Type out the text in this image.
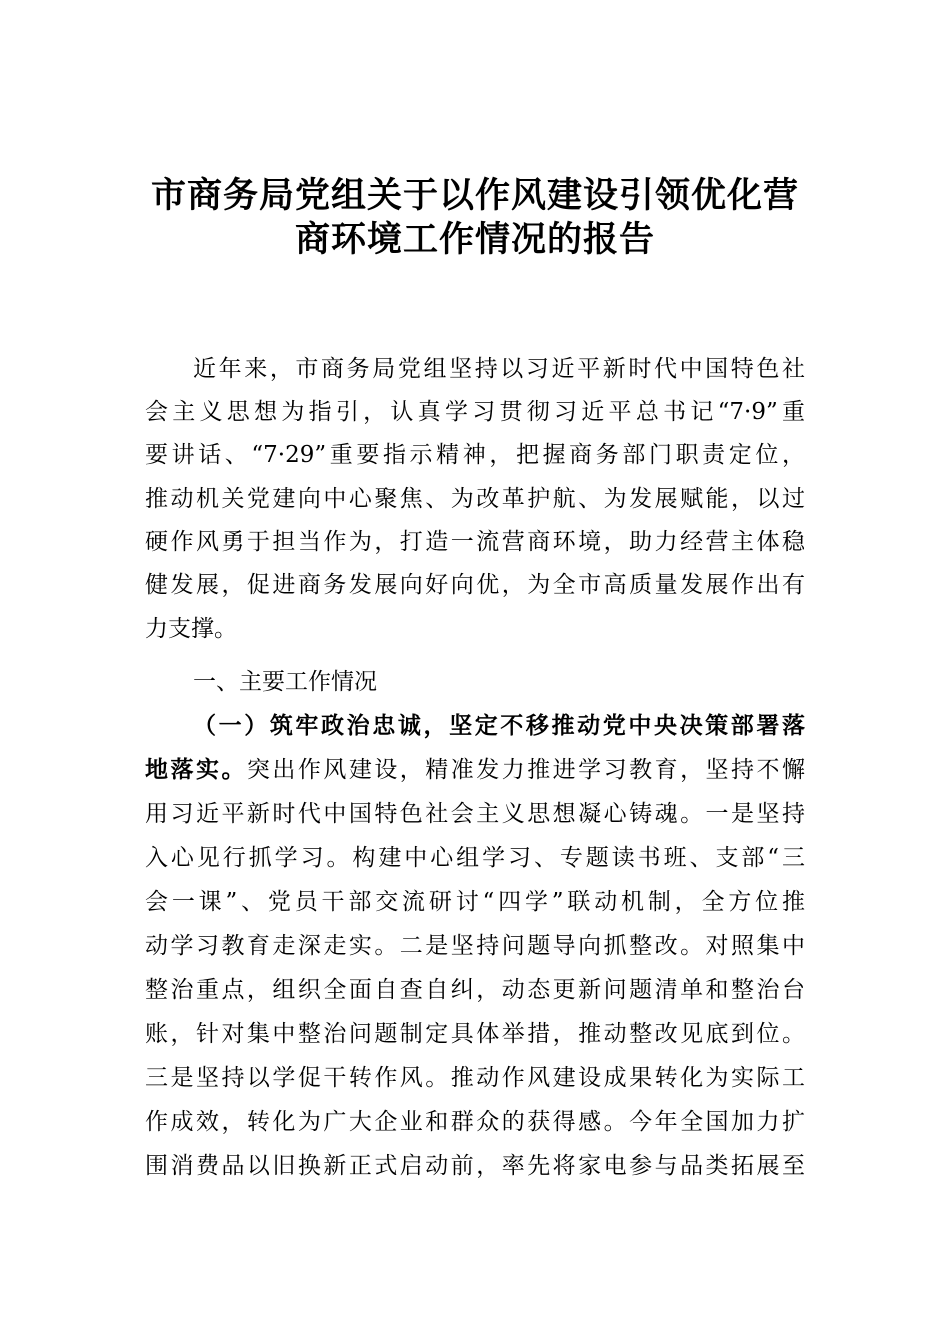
市商务局党组关于以作风建设引领优化营
商环境工作情况的报告

近年来，市商务局党组坚持以习近平新时代中国特色社

会主义思想为指引，认真学习贯彻习近平总书记“7·9”重

要讲话、“7·29”重要指示精神，把握商务部门职责定位，

推动机关党建向中心聚焦、为改革护航、为发展赋能，以过

硬作风勇于担当作为，打造一流营商环境，助力经营主体稳

健发展，促进商务发展向好向优，为全市高质量发展作出有

力支撑。

一、主要工作情况

（一）筑牢政治忠诚，坚定不移推动党中央决策部署落

地落实。突出作风建设，精准发力推进学习教育，坚持不懈

用习近平新时代中国特色社会主义思想凝心铸魂。一是坚持

入心见行抓学习。构建中心组学习、专题读书班、支部“三

会一课”、党员干部交流研讨“四学”联动机制，全方位推

动学习教育走深走实。二是坚持问题导向抓整改。对照集中

整治重点，组织全面自查自纠，动态更新问题清单和整治台

账，针对集中整治问题制定具体举措，推动整改见底到位。

三是坚持以学促干转作风。推动作风建设成果转化为实际工

作成效，转化为广大企业和群众的获得感。今年全国加力扩

围消费品以旧换新正式启动前，率先将家电参与品类拓展至
